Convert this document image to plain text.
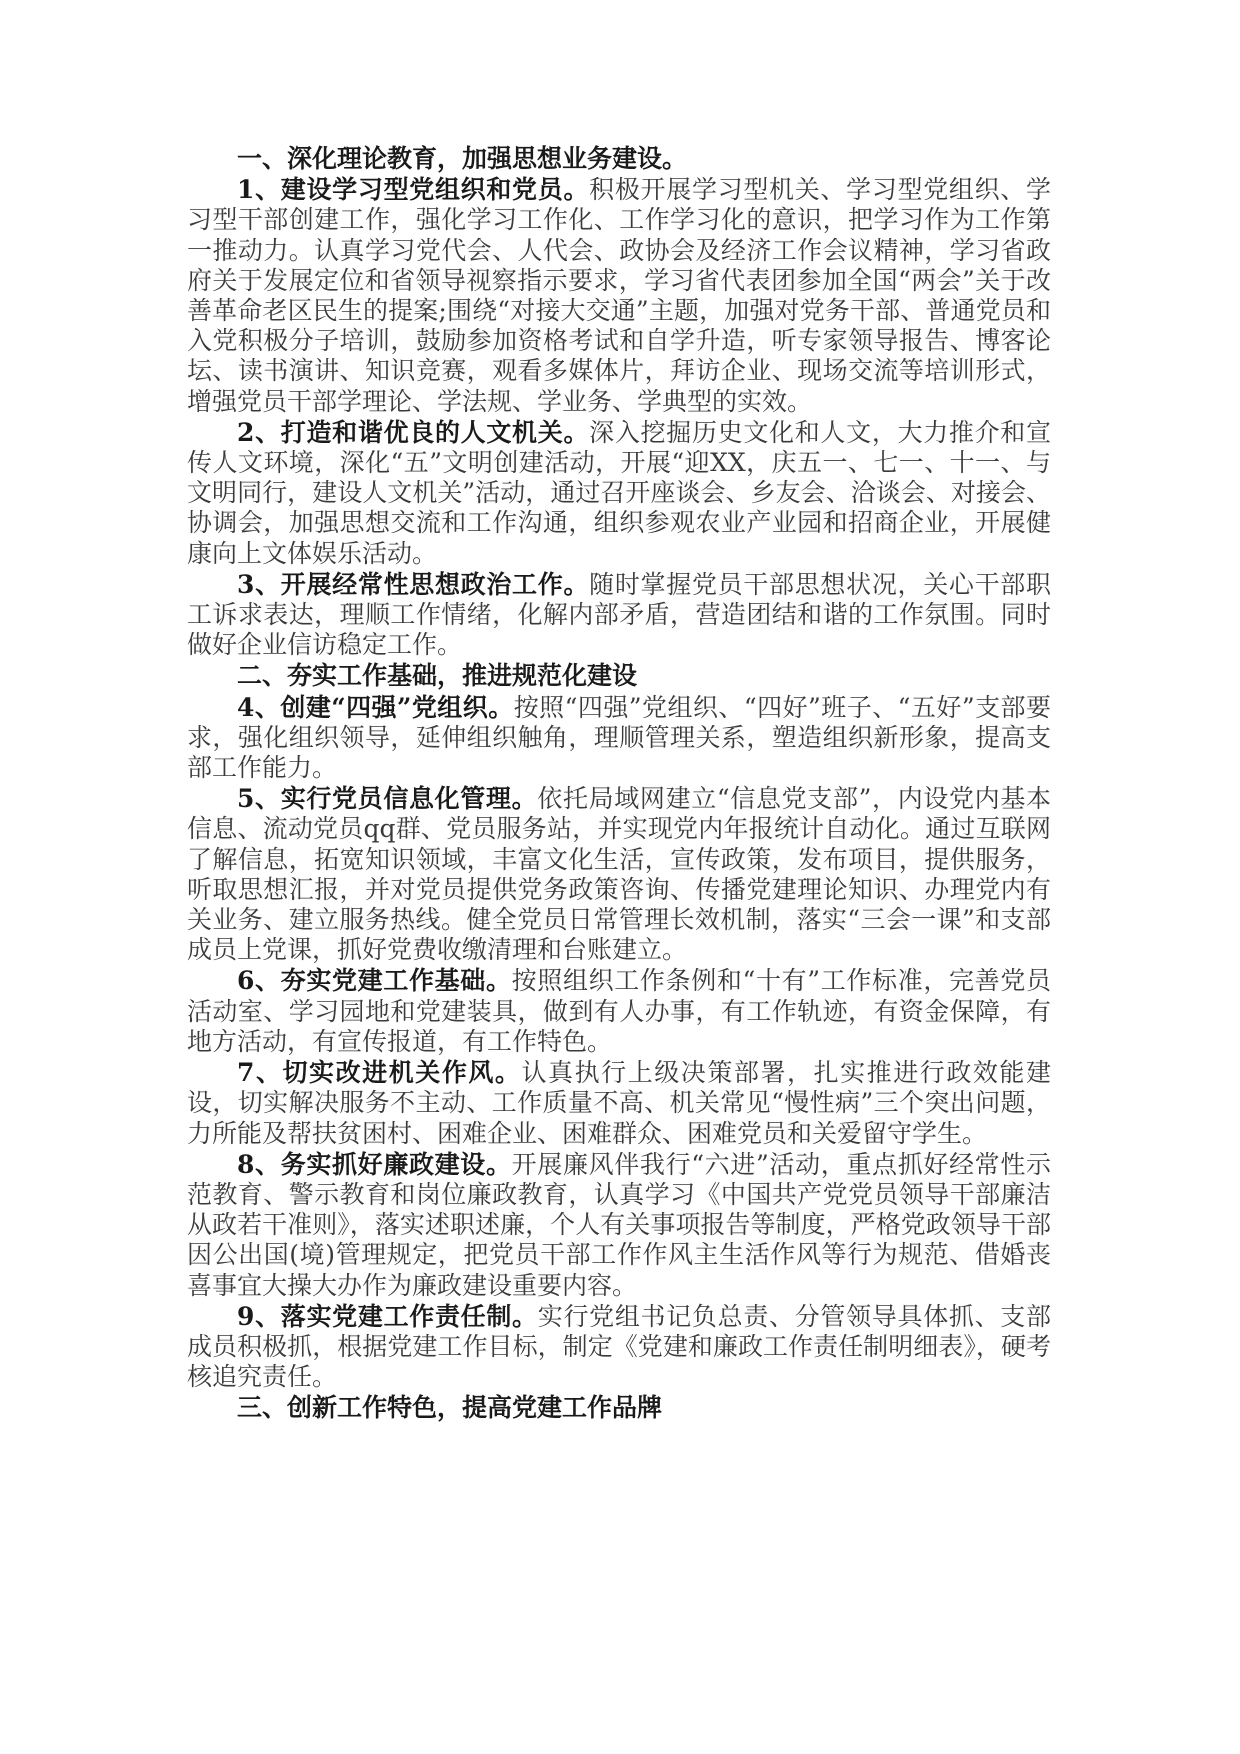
一、深化理论教育，加强思想业务建设。

1、建设学习型党组织和党员。积极开展学习型机关、学习型党组织、学习型干部创建工作，强化学习工作化、工作学习化的意识，把学习作为工作第一推动力。认真学习党代会、人代会、政协会及经济工作会议精神，学习省政府关于发展定位和省领导视察指示要求，学习省代表团参加全国“两会”关于改善革命老区民生的提案;围绕“对接大交通”主题，加强对党务干部、普通党员和入党积极分子培训，鼓励参加资格考试和自学升造，听专家领导报告、博客论坛、读书演讲、知识竞赛，观看多媒体片，拜访企业、现场交流等培训形式，增强党员干部学理论、学法规、学业务、学典型的实效。

2、打造和谐优良的人文机关。深入挖掘历史文化和人文，大力推介和宣传人文环境，深化“五”文明创建活动，开展“迎XX，庆五一、七一、十一、与文明同行，建设人文机关”活动，通过召开座谈会、乡友会、洽谈会、对接会、协调会，加强思想交流和工作沟通，组织参观农业产业园和招商企业，开展健康向上文体娱乐活动。

3、开展经常性思想政治工作。随时掌握党员干部思想状况，关心干部职工诉求表达，理顺工作情绪，化解内部矛盾，营造团结和谐的工作氛围。同时做好企业信访稳定工作。

二、夯实工作基础，推进规范化建设

4、创建“四强”党组织。按照“四强”党组织、“四好”班子、“五好”支部要求，强化组织领导，延伸组织触角，理顺管理关系，塑造组织新形象，提高支部工作能力。

5、实行党员信息化管理。依托局域网建立“信息党支部”，内设党内基本信息、流动党员qq群、党员服务站，并实现党内年报统计自动化。通过互联网了解信息，拓宽知识领域，丰富文化生活，宣传政策，发布项目，提供服务，听取思想汇报，并对党员提供党务政策咨询、传播党建理论知识、办理党内有关业务、建立服务热线。健全党员日常管理长效机制，落实“三会一课”和支部成员上党课，抓好党费收缴清理和台账建立。

6、夯实党建工作基础。按照组织工作条例和“十有”工作标准，完善党员活动室、学习园地和党建装具，做到有人办事，有工作轨迹，有资金保障，有地方活动，有宣传报道，有工作特色。

7、切实改进机关作风。认真执行上级决策部署，扎实推进行政效能建设，切实解决服务不主动、工作质量不高、机关常见“慢性病”三个突出问题，力所能及帮扶贫困村、困难企业、困难群众、困难党员和关爱留守学生。

8、务实抓好廉政建设。开展廉风伴我行“六进”活动，重点抓好经常性示范教育、警示教育和岗位廉政教育，认真学习《中国共产党党员领导干部廉洁从政若干准则》，落实述职述廉，个人有关事项报告等制度，严格党政领导干部因公出国(境)管理规定，把党员干部工作作风主生活作风等行为规范、借婚丧喜事宜大操大办作为廉政建设重要内容。

9、落实党建工作责任制。实行党组书记负总责、分管领导具体抓、支部成员积极抓，根据党建工作目标，制定《党建和廉政工作责任制明细表》，硬考核追究责任。

三、创新工作特色，提高党建工作品牌
